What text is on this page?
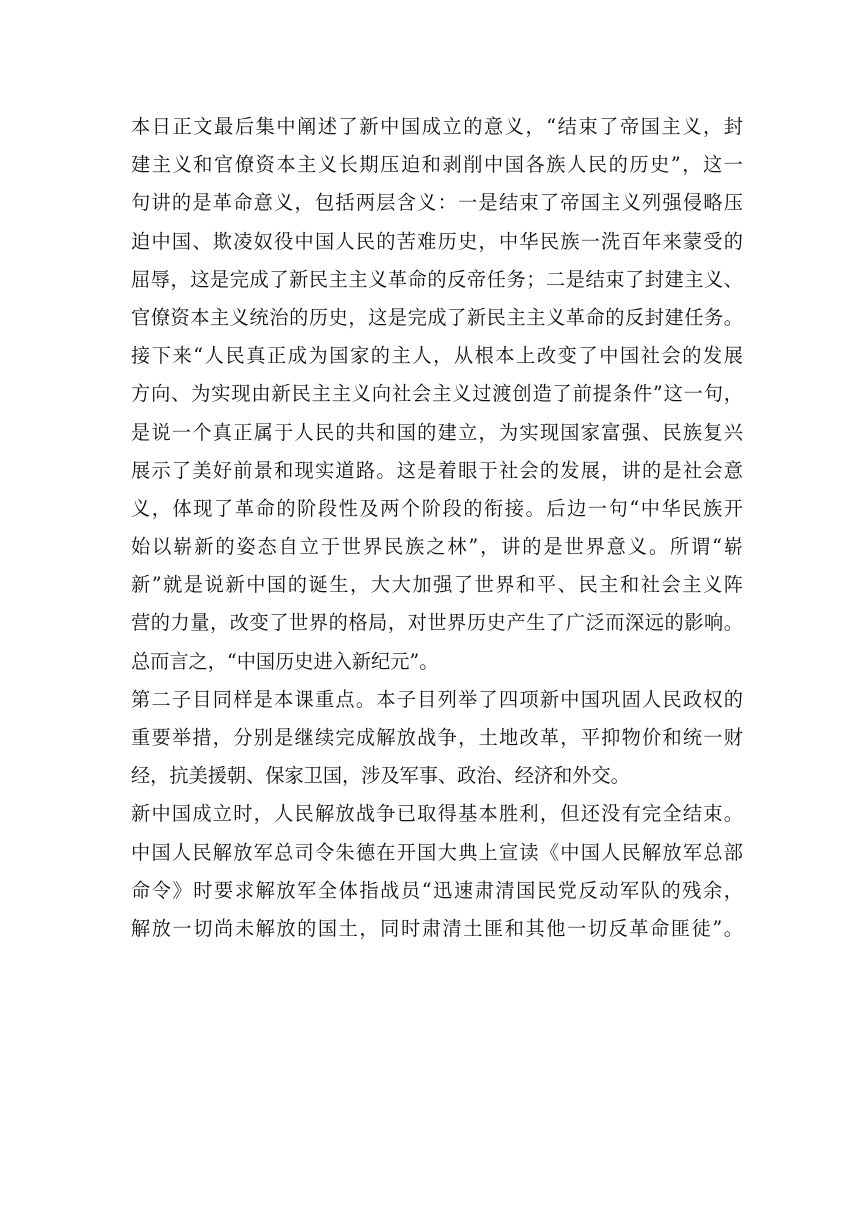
本日正文最后集中阐述了新中国成立的意义，“结束了帝国主义，封
建主义和官僚资本主义长期压迫和剥削中国各族人民的历史”，这一
句讲的是革命意义，包括两层含义：一是结束了帝国主义列强侵略压
迫中国、欺凌奴役中国人民的苦难历史，中华民族一洗百年来蒙受的
屈辱，这是完成了新民主主义革命的反帝任务；二是结束了封建主义、
官僚资本主义统治的历史，这是完成了新民主主义革命的反封建任务。
接下来“人民真正成为国家的主人，从根本上改变了中国社会的发展
方向、为实现由新民主主义向社会主义过渡创造了前提条件”这一句，
是说一个真正属于人民的共和国的建立，为实现国家富强、民族复兴
展示了美好前景和现实道路。这是着眼于社会的发展，讲的是社会意
义，体现了革命的阶段性及两个阶段的衔接。后边一句“中华民族开
始以崭新的姿态自立于世界民族之林”，讲的是世界意义。所谓“崭
新”就是说新中国的诞生，大大加强了世界和平、民主和社会主义阵
营的力量，改变了世界的格局，对世界历史产生了广泛而深远的影响。
总而言之，“中国历史进入新纪元”。
第二子目同样是本课重点。本子目列举了四项新中国巩固人民政权的
重要举措，分别是继续完成解放战争，土地改革，平抑物价和统一财
经，抗美援朝、保家卫国，涉及军事、政治、经济和外交。
新中国成立时，人民解放战争已取得基本胜利，但还没有完全结束。
中国人民解放军总司令朱德在开国大典上宣读《中国人民解放军总部
命令》时要求解放军全体指战员“迅速肃清国民党反动军队的残余，
解放一切尚未解放的国土，同时肃清土匪和其他一切反革命匪徒”。
